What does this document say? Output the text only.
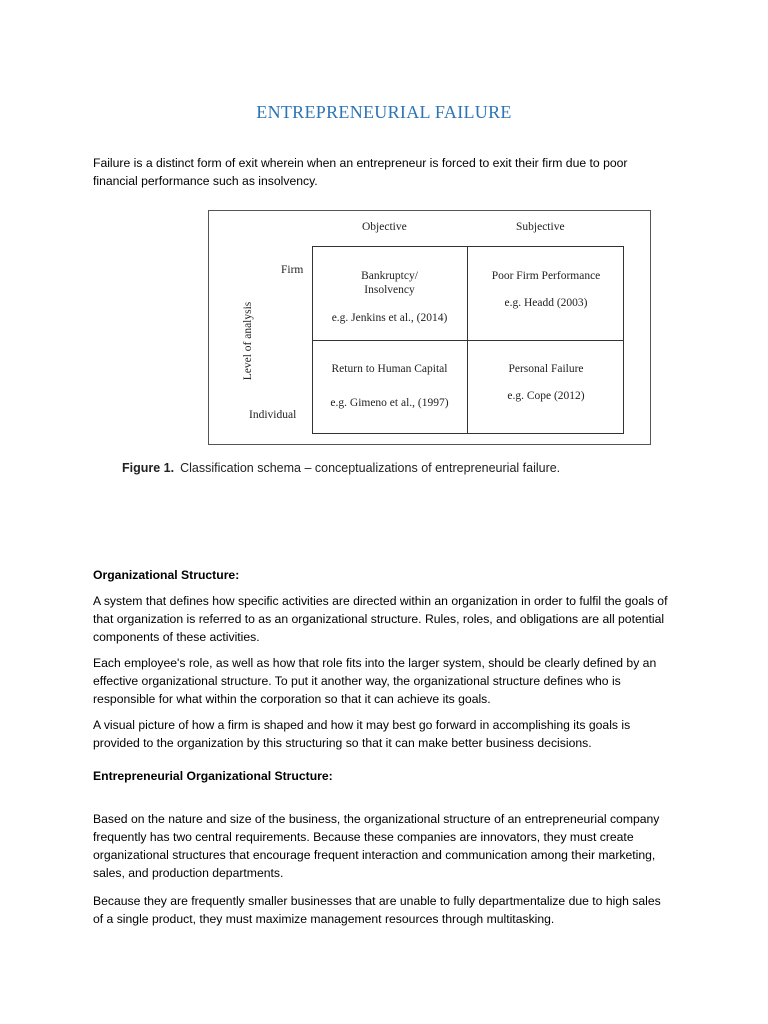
ENTREPRENEURIAL FAILURE

Failure is a distinct form of exit wherein when an entrepreneur is forced to exit their firm due to poor financial performance such as insolvency.

Objective	Subjective
Firm
Individual
Level of analysis
Bankruptcy/
Insolvency
e.g. Jenkins et al., (2014)
Poor Firm Performance
e.g. Headd (2003)
Return to Human Capital
e.g. Gimeno et al., (1997)
Personal Failure
e.g. Cope (2012)
Figure 1. Classification schema – conceptualizations of entrepreneurial failure.

Organizational Structure:

A system that defines how specific activities are directed within an organization in order to fulfil the goals of that organization is referred to as an organizational structure. Rules, roles, and obligations are all potential components of these activities.

Each employee's role, as well as how that role fits into the larger system, should be clearly defined by an effective organizational structure. To put it another way, the organizational structure defines who is responsible for what within the corporation so that it can achieve its goals.

A visual picture of how a firm is shaped and how it may best go forward in accomplishing its goals is provided to the organization by this structuring so that it can make better business decisions.

Entrepreneurial Organizational Structure:

Based on the nature and size of the business, the organizational structure of an entrepreneurial company frequently has two central requirements. Because these companies are innovators, they must create organizational structures that encourage frequent interaction and communication among their marketing, sales, and production departments.

Because they are frequently smaller businesses that are unable to fully departmentalize due to high sales of a single product, they must maximize management resources through multitasking.
